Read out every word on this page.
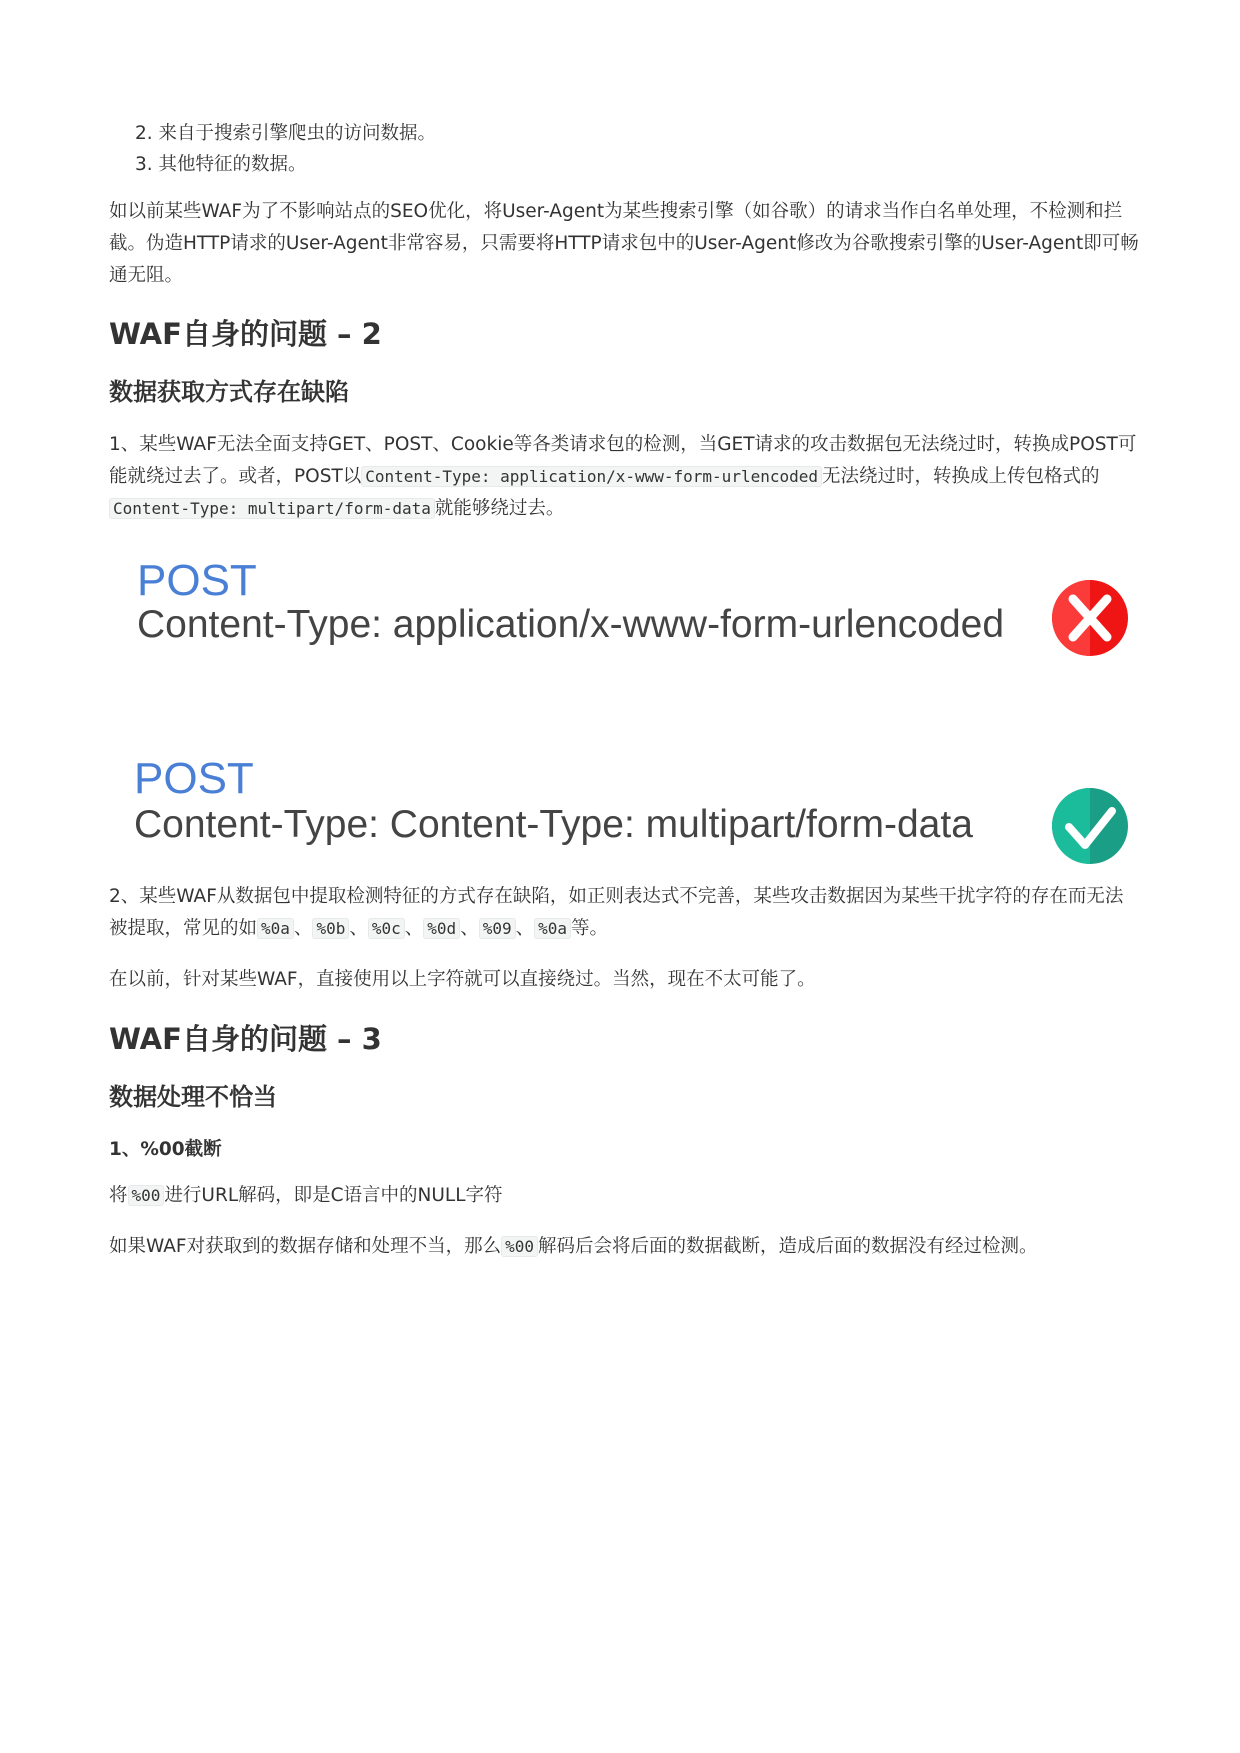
2. 来自于搜索引擎爬虫的访问数据。
3. 其他特征的数据。
如以前某些WAF为了不影响站点的SEO优化，将User-Agent为某些搜索引擎（如谷歌）的请求当作白名单处理，不检测和拦截。伪造HTTP请求的User-Agent非常容易，只需要将HTTP请求包中的User-Agent修改为谷歌搜索引擎的User-Agent即可畅通无阻。
WAF自身的问题 – 2
数据获取方式存在缺陷
1、某些WAF无法全面支持GET、POST、Cookie等各类请求包的检测，当GET请求的攻击数据包无法绕过时，转换成POST可能就绕过去了。或者，POST以 Content-Type: application/x-www-form-urlencoded 无法绕过时，转换成上传包格式的Content-Type: multipart/form-data 就能够绕过去。
POST
Content-Type: application/x-www-form-urlencoded
POST
Content-Type: Content-Type: multipart/form-data
2、某些WAF从数据包中提取检测特征的方式存在缺陷，如正则表达式不完善，某些攻击数据因为某些干扰字符的存在而无法被提取，常见的如 %0a 、 %0b 、 %0c 、 %0d 、 %09 、 %0a 等。
在以前，针对某些WAF，直接使用以上字符就可以直接绕过。当然，现在不太可能了。
WAF自身的问题 – 3
数据处理不恰当
1、%00截断
将 %00 进行URL解码，即是C语言中的NULL字符
如果WAF对获取到的数据存储和处理不当，那么 %00 解码后会将后面的数据截断，造成后面的数据没有经过检测。
